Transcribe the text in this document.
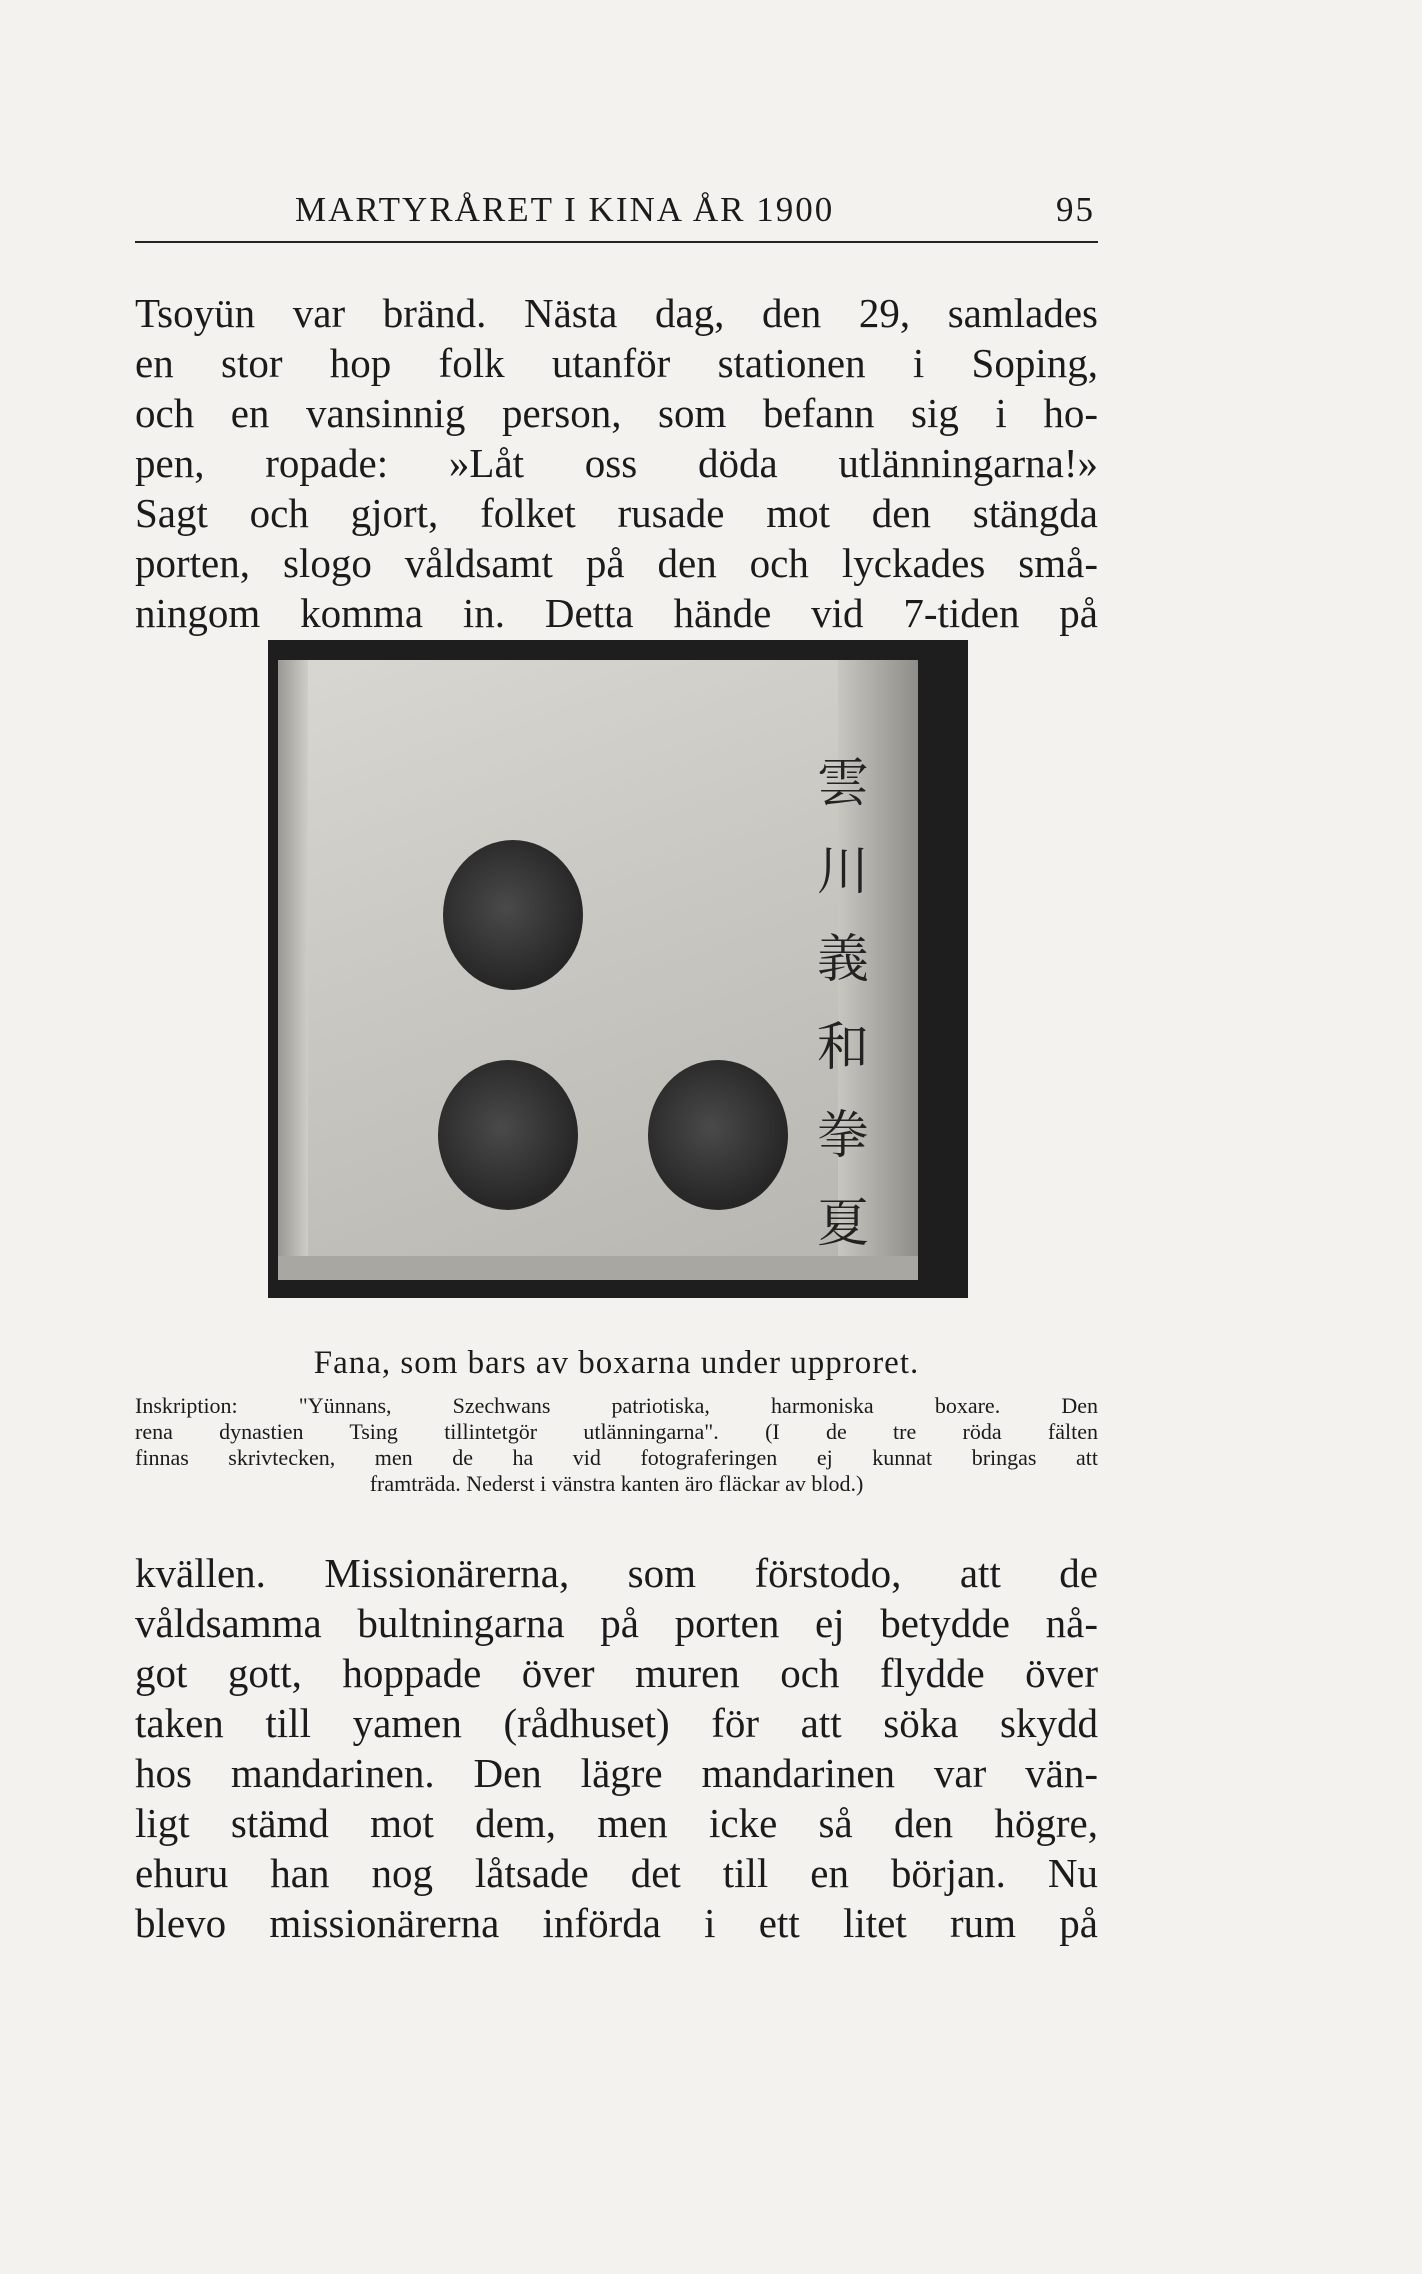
MARTYRÅRET I KINA ÅR 1900	95
Tsoyün var bränd. Nästa dag, den 29, samlades
en stor hop folk utanför stationen i Soping,
och en vansinnig person, som befann sig i ho-
pen, ropade: »Låt oss döda utlänningarna!»
Sagt och gjort, folket rusade mot den stängda
porten, slogo våldsamt på den och lyckades små-
ningom komma in. Detta hände vid 7-tiden på
雲
川
義
和
拳
夏
Fana, som bars av boxarna under upproret.
Inskription: "Yünnans, Szechwans patriotiska, harmoniska boxare. Den
rena dynastien Tsing tillintetgör utlänningarna". (I de tre röda fälten
finnas skrivtecken, men de ha vid fotograferingen ej kunnat bringas att
framträda. Nederst i vänstra kanten äro fläckar av blod.)
kvällen. Missionärerna, som förstodo, att de
våldsamma bultningarna på porten ej betydde nå-
got gott, hoppade över muren och flydde över
taken till yamen (rådhuset) för att söka skydd
hos mandarinen. Den lägre mandarinen var vän-
ligt stämd mot dem, men icke så den högre,
ehuru han nog låtsade det till en början. Nu
blevo missionärerna införda i ett litet rum på
